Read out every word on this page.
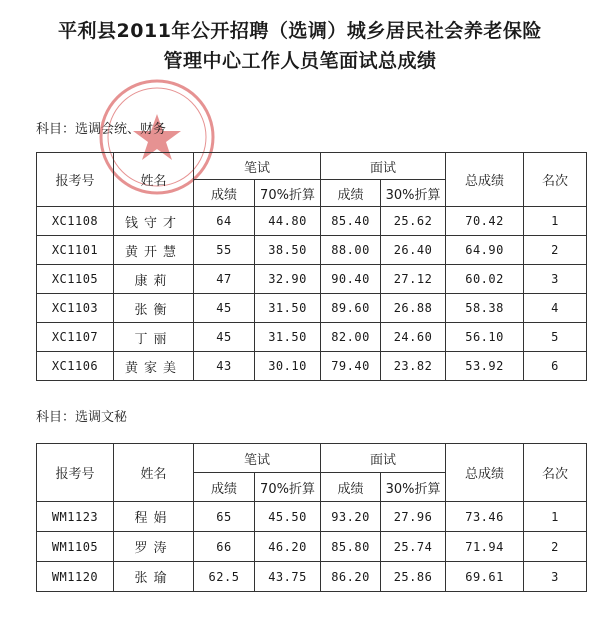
平利县2011年公开招聘（选调）城乡居民社会养老保险
管理中心工作人员笔面试总成绩
科目：选调会统、财务
报考号	姓名	笔试		面试		总成绩	名次
		成绩	70%折算	成绩	30%折算		
XC1108	钱守才	64	44.80	85.40	25.62	70.42	1
XC1101	黄开慧	55	38.50	88.00	26.40	64.90	2
XC1105	康莉	47	32.90	90.40	27.12	60.02	3
XC1103	张衡	45	31.50	89.60	26.88	58.38	4
XC1107	丁丽	45	31.50	82.00	24.60	56.10	5
XC1106	黄家美	43	30.10	79.40	23.82	53.92	6
科目：选调文秘
报考号	姓名	笔试		面试		总成绩	名次
		成绩	70%折算	成绩	30%折算		
WM1123	程娟	65	45.50	93.20	27.96	73.46	1
WM1105	罗涛	66	46.20	85.80	25.74	71.94	2
WM1120	张瑜	62.5	43.75	86.20	25.86	69.61	3
